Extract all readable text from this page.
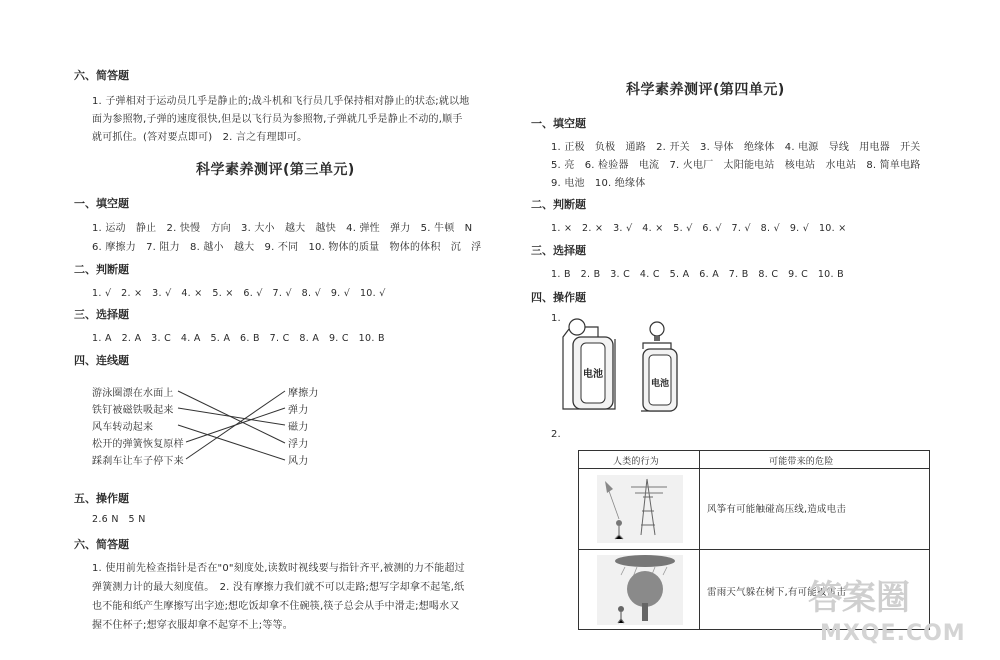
六、简答题
1. 子弹相对于运动员几乎是静止的;战斗机和飞行员几乎保持相对静止的状态;就以地
面为参照物,子弹的速度很快,但是以飞行员为参照物,子弹就几乎是静止不动的,顺手
就可抓住。(答对要点即可)　2. 言之有理即可。
科学素养测评(第三单元)
一、填空题
1. 运动　静止　2. 快慢　方向　3. 大小　越大　越快　4. 弹性　弹力　5. 牛顿　N
6. 摩擦力　7. 阻力　8. 越小　越大　9. 不同　10. 物体的质量　物体的体积　沉　浮
二、判断题
1. √　2. ×　3. √　4. ×　5. ×　6. √　7. √　8. √　9. √　10. √
三、选择题
1. A　2. A　3. C　4. A　5. A　6. B　7. C　8. A　9. C　10. B
四、连线题
游泳圈漂在水面上
铁钉被磁铁吸起来
风车转动起来
松开的弹簧恢复原样
踩刹车让车子停下来
摩擦力
弹力
磁力
浮力
风力
五、操作题
2.6 N　5 N
六、简答题
1. 使用前先检查指针是否在"0"刻度处,读数时视线要与指针齐平,被测的力不能超过
弹簧测力计的最大刻度值。　2. 没有摩擦力我们就不可以走路;想写字却拿不起笔,纸
也不能和纸产生摩擦写出字迹;想吃饭却拿不住碗筷,筷子总会从手中滑走;想喝水又
握不住杯子;想穿衣服却拿不起穿不上;等等。
科学素养测评(第四单元)
一、填空题
1. 正极　负极　通路　2. 开关　3. 导体　绝缘体　4. 电源　导线　用电器　开关
5. 亮　6. 检验器　电流　7. 火电厂　太阳能电站　核电站　水电站　8. 简单电路
9. 电池　10. 绝缘体
二、判断题
1. ×　2. ×　3. √　4. ×　5. √　6. √　7. √　8. √　9. √　10. ×
三、选择题
1. B　2. B　3. C　4. C　5. A　6. A　7. B　8. C　9. C　10. B
四、操作题
1.
电池
电池
2.
人类的行为	可能带来的危险
风筝有可能触碰高压线,造成电击
雷雨天气躲在树下,有可能被雷击
答案圈
MXQE.COM
